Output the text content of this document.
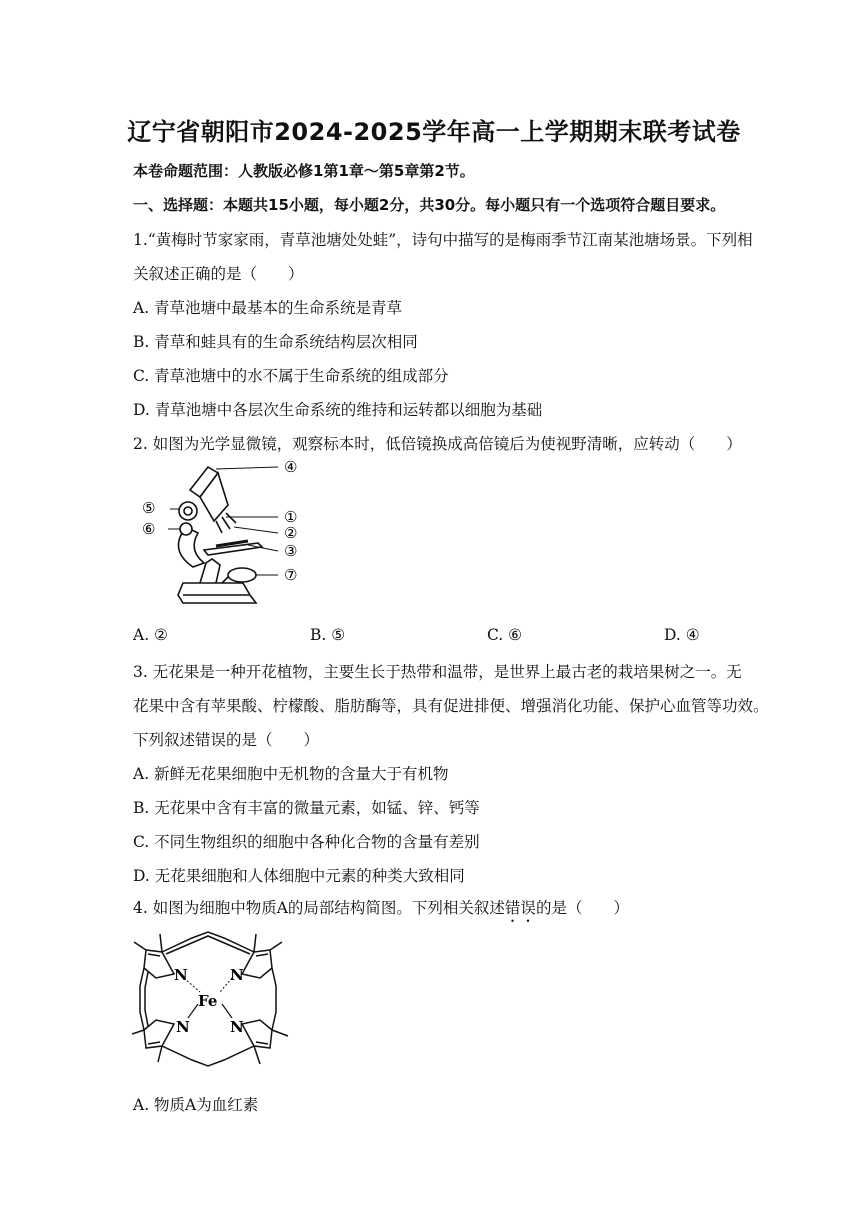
辽宁省朝阳市2024-2025学年高一上学期期末联考试卷
本卷命题范围：人教版必修1第1章～第5章第2节。
一、选择题：本题共15小题，每小题2分，共30分。每小题只有一个选项符合题目要求。
1.“黄梅时节家家雨，青草池塘处处蛙”，诗句中描写的是梅雨季节江南某池塘场景。下列相
关叙述正确的是（　　）
A. 青草池塘中最基本的生命系统是青草
B. 青草和蛙具有的生命系统结构层次相同
C. 青草池塘中的水不属于生命系统的组成部分
D. 青草池塘中各层次生命系统的维持和运转都以细胞为基础
2. 如图为光学显微镜，观察标本时，低倍镜换成高倍镜后为使视野清晰，应转动（　　）
④
⑤
⑥
①
②
③
⑦
A. ②	B. ⑤	C. ⑥	D. ④
3. 无花果是一种开花植物，主要生长于热带和温带，是世界上最古老的栽培果树之一。无
花果中含有苹果酸、柠檬酸、脂肪酶等，具有促进排便、增强消化功能、保护心血管等功效。
下列叙述错误的是（　　）
A. 新鲜无花果细胞中无机物的含量大于有机物
B. 无花果中含有丰富的微量元素，如锰、锌、钙等
C. 不同生物组织的细胞中各种化合物的含量有差别
D. 无花果细胞和人体细胞中元素的种类大致相同
4. 如图为细胞中物质A的局部结构简图。下列相关叙述错误的是（　　）
N	N
N	N
Fe
A. 物质A为血红素
